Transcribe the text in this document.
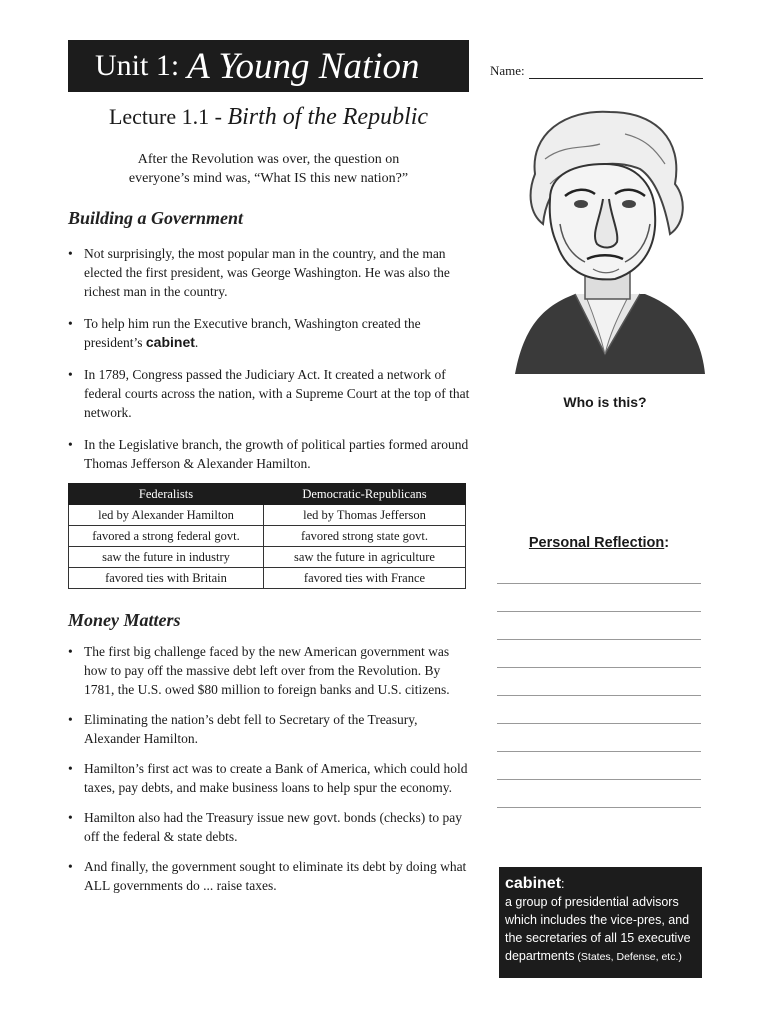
Unit 1: A Young Nation	Name:
Lecture 1.1 - Birth of the Republic
After the Revolution was over, the question on
everyone’s mind was, “What IS this new nation?”
Building a Government
• Not surprisingly, the most popular man in the country, and the man elected the first president, was George Washington. He was also the richest man in the country.
• To help him run the Executive branch, Washington created the president’s cabinet.
• In 1789, Congress passed the Judiciary Act. It created a network of federal courts across the nation, with a Supreme Court at the top of that network.
• In the Legislative branch, the growth of political parties formed around Thomas Jefferson & Alexander Hamilton.
Federalists	Democratic-Republicans
led by Alexander Hamilton	led by Thomas Jefferson
favored a strong federal govt.	favored strong state govt.
saw the future in industry	saw the future in agriculture
favored ties with Britain	favored ties with France
Money Matters
• The first big challenge faced by the new American government was how to pay off the massive debt left over from the Revolution. By 1781, the U.S. owed $80 million to foreign banks and U.S. citizens.
• Eliminating the nation’s debt fell to Secretary of the Treasury, Alexander Hamilton.
• Hamilton’s first act was to create a Bank of America, which could hold taxes, pay debts, and make business loans to help spur the economy.
• Hamilton also had the Treasury issue new govt. bonds (checks) to pay off the federal & state debts.
• And finally, the government sought to eliminate its debt by doing what ALL governments do ... raise taxes.
Who is this?
Personal Reflection:
cabinet:
a group of presidential advisors which includes the vice-pres, and the secretaries of all 15 executive departments (States, Defense, etc.)
